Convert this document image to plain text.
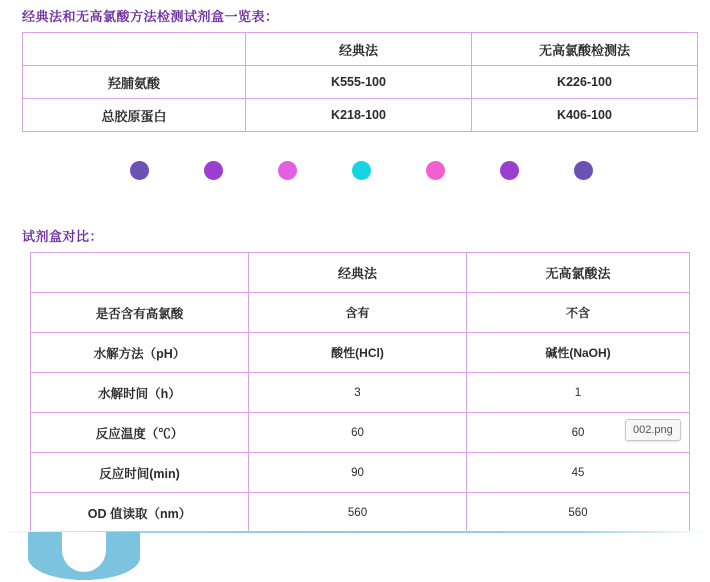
经典法和无高氯酸方法检测试剂盒一览表：
	经典法	无高氯酸检测法
羟脯氨酸	K555-100	K226-100
总胶原蛋白	K218-100	K406-100
试剂盒对比：
	经典法	无高氯酸法
是否含有高氯酸	含有	不含
水解方法（pH）	酸性(HCl)	碱性(NaOH)
水解时间（h）	3	1
反应温度（℃）	60	60
反应时间(min)	90	45
OD 值读取（nm）	560	560
002.png
